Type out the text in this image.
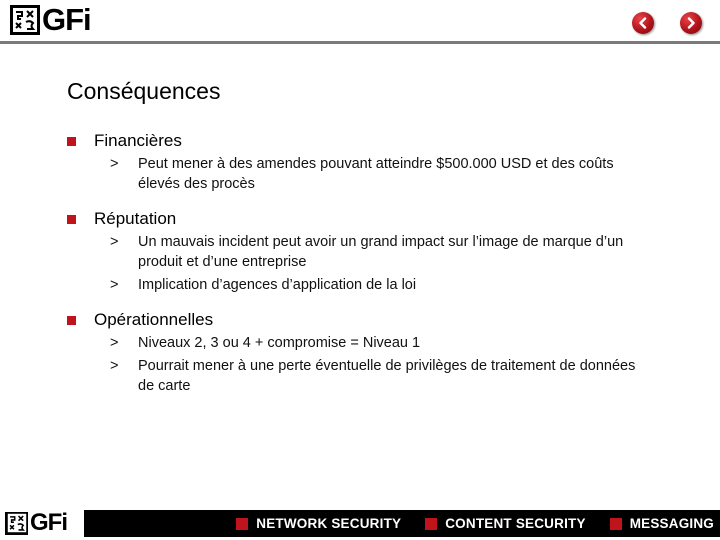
GFi
Conséquences
Financières
>	Peut mener à des amendes pouvant atteindre $500.000 USD et des coûts élevés des procès
Réputation
>	Un mauvais incident peut avoir un grand impact sur l’image de marque d’un produit et d’une entreprise
>	Implication d’agences d’application de la loi
Opérationnelles
>	Niveaux 2, 3 ou 4 + compromise = Niveau 1
>	Pourrait mener à une perte éventuelle de privilèges de traitement de données de carte
GFi	NETWORK SECURITY	CONTENT SECURITY	MESSAGING
